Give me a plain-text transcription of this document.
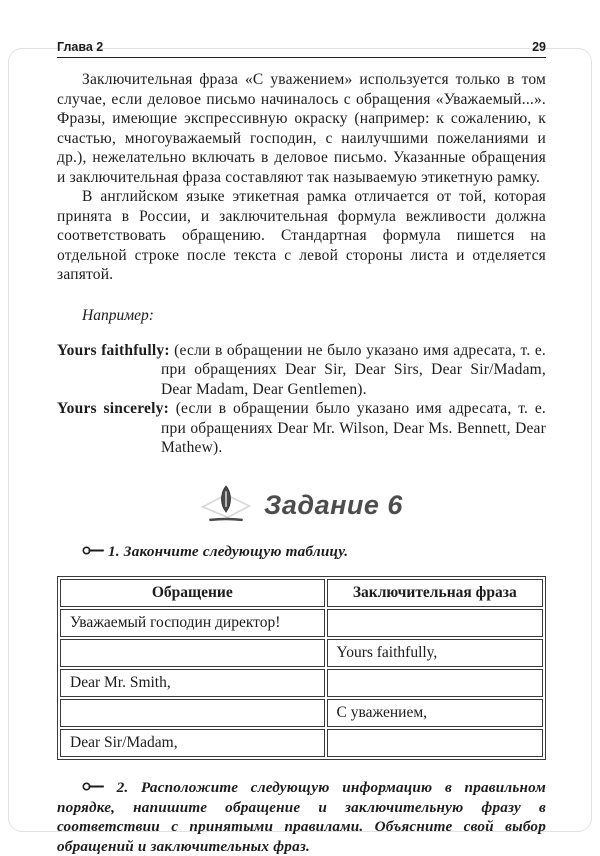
Глава 2	29

Заключительная фраза «С уважением» используется только в том случае, если деловое письмо начиналось с обращения «Уважаемый...». Фразы, имеющие экспрессивную окраску (например: к сожалению, к счастью, многоуважаемый господин, с наилучшими пожеланиями и др.), нежелательно включать в деловое письмо. Указанные обращения и заключительная фраза составляют так называемую этикетную рамку.

В английском языке этикетная рамка отличается от той, которая принята в России, и заключительная формула вежливости должна соответствовать обращению. Стандартная формула пишется на отдельной строке после текста с левой стороны листа и отделяется запятой.

Например:

Yours faithfully: (если в обращении не было указано имя адресата, т. е. при обращениях Dear Sir, Dear Sirs, Dear Sir/Madam, Dear Madam, Dear Gentlemen).

Yours sincerely: (если в обращении было указано имя адресата, т. е. при обращениях Dear Mr. Wilson, Dear Ms. Bennett, Dear Mathew).

Задание 6

1. Закончите следующую таблицу.

Обращение	Заключительная фраза
Уважаемый господин директор!	
	Yours faithfully,
Dear Mr. Smith,	
	С уважением,
Dear Sir/Madam,	

2. Расположите следующую информацию в правильном порядке, напишите обращение и заключительную фразу в соответствии с принятыми правилами. Объясните свой выбор обращений и заключительных фраз.
